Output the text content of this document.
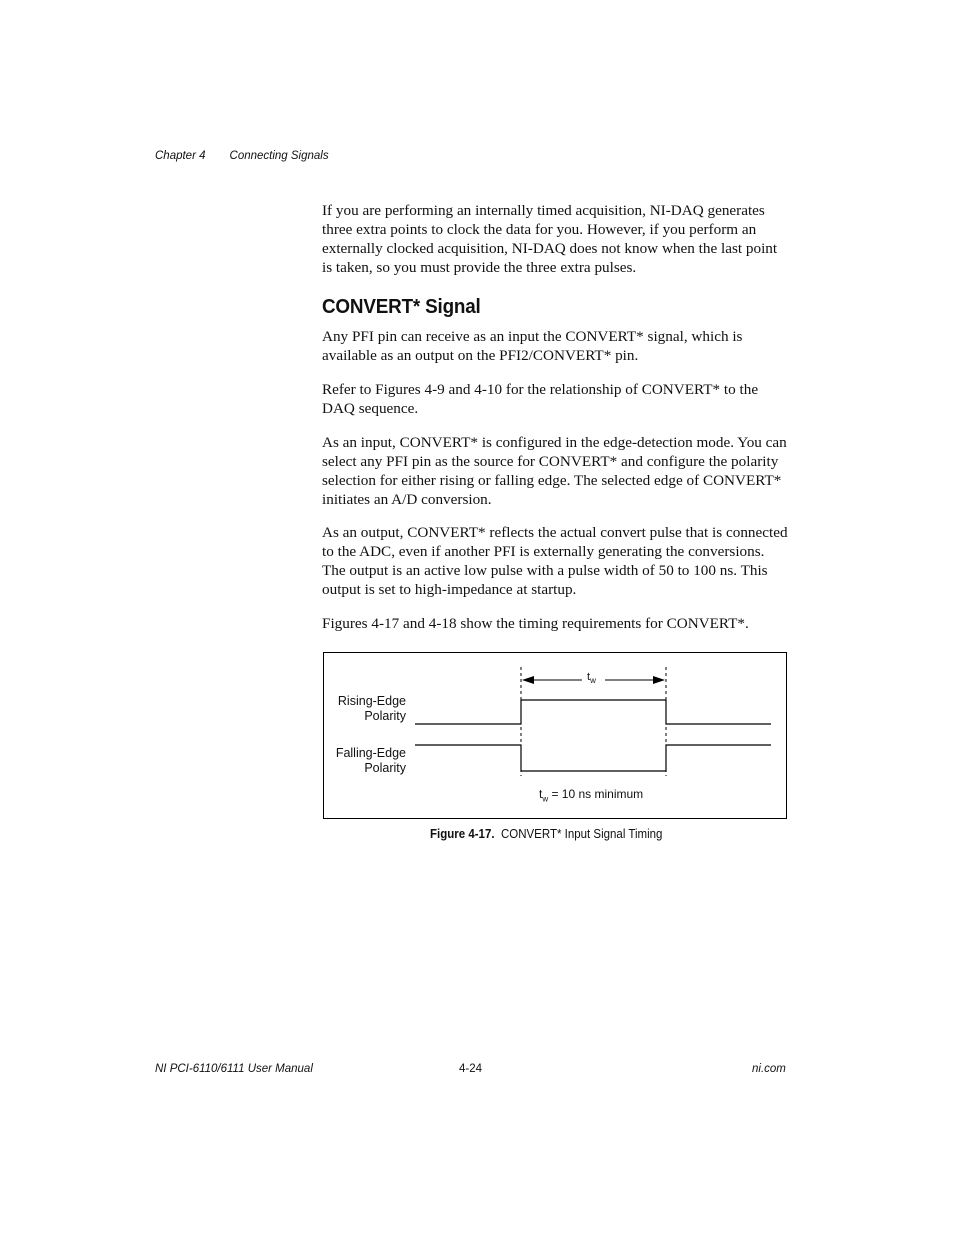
Chapter 4 Connecting Signals

If you are performing an internally timed acquisition, NI-DAQ generates three extra points to clock the data for you. However, if you perform an externally clocked acquisition, NI-DAQ does not know when the last point is taken, so you must provide the three extra pulses.

CONVERT* Signal

Any PFI pin can receive as an input the CONVERT* signal, which is available as an output on the PFI2/CONVERT* pin.

Refer to Figures 4-9 and 4-10 for the relationship of CONVERT* to the DAQ sequence.

As an input, CONVERT* is configured in the edge-detection mode. You can select any PFI pin as the source for CONVERT* and configure the polarity selection for either rising or falling edge. The selected edge of CONVERT* initiates an A/D conversion.

As an output, CONVERT* reflects the actual convert pulse that is connected to the ADC, even if another PFI is externally generating the conversions. The output is an active low pulse with a pulse width of 50 to 100 ns. This output is set to high-impedance at startup.

Figures 4-17 and 4-18 show the timing requirements for CONVERT*.

Rising-Edge
Polarity
Falling-Edge
Polarity
$t_w$
$t_w = 10$ ns minimum
Figure 4-17. CONVERT* Input Signal Timing
NI PCI-6110/6111 User Manual	4-24	ni.com
